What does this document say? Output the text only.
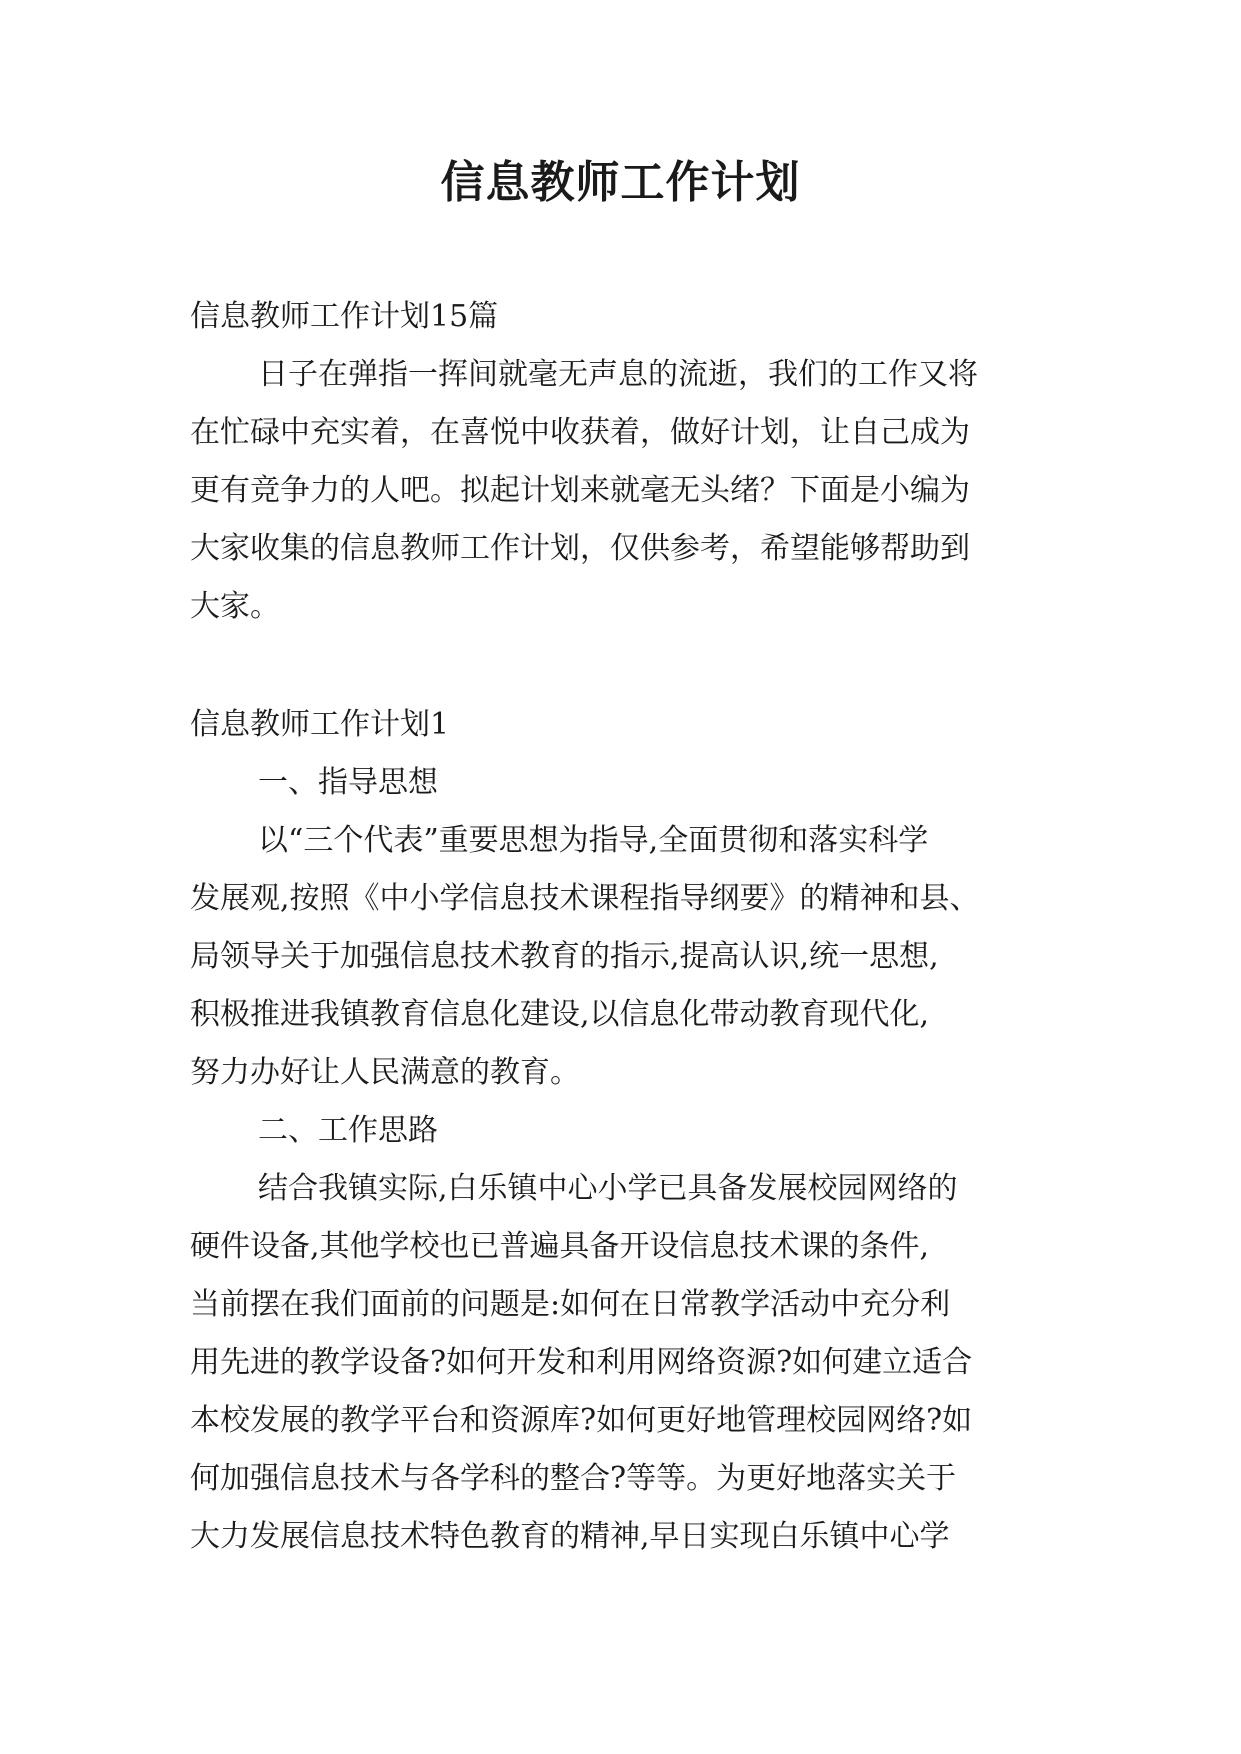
信息教师工作计划
信息教师工作计划15篇
日子在弹指一挥间就毫无声息的流逝，我们的工作又将
在忙碌中充实着，在喜悦中收获着，做好计划，让自己成为
更有竞争力的人吧。拟起计划来就毫无头绪？下面是小编为
大家收集的信息教师工作计划，仅供参考，希望能够帮助到
大家。
信息教师工作计划1
一、指导思想
以“三个代表”重要思想为指导,全面贯彻和落实科学
发展观,按照《中小学信息技术课程指导纲要》的精神和县、
局领导关于加强信息技术教育的指示,提高认识,统一思想,
积极推进我镇教育信息化建设,以信息化带动教育现代化,
努力办好让人民满意的教育。
二、工作思路
结合我镇实际,白乐镇中心小学已具备发展校园网络的
硬件设备,其他学校也已普遍具备开设信息技术课的条件,
当前摆在我们面前的问题是:如何在日常教学活动中充分利
用先进的教学设备?如何开发和利用网络资源?如何建立适合
本校发展的教学平台和资源库?如何更好地管理校园网络?如
何加强信息技术与各学科的整合?等等。为更好地落实关于
大力发展信息技术特色教育的精神,早日实现白乐镇中心学
